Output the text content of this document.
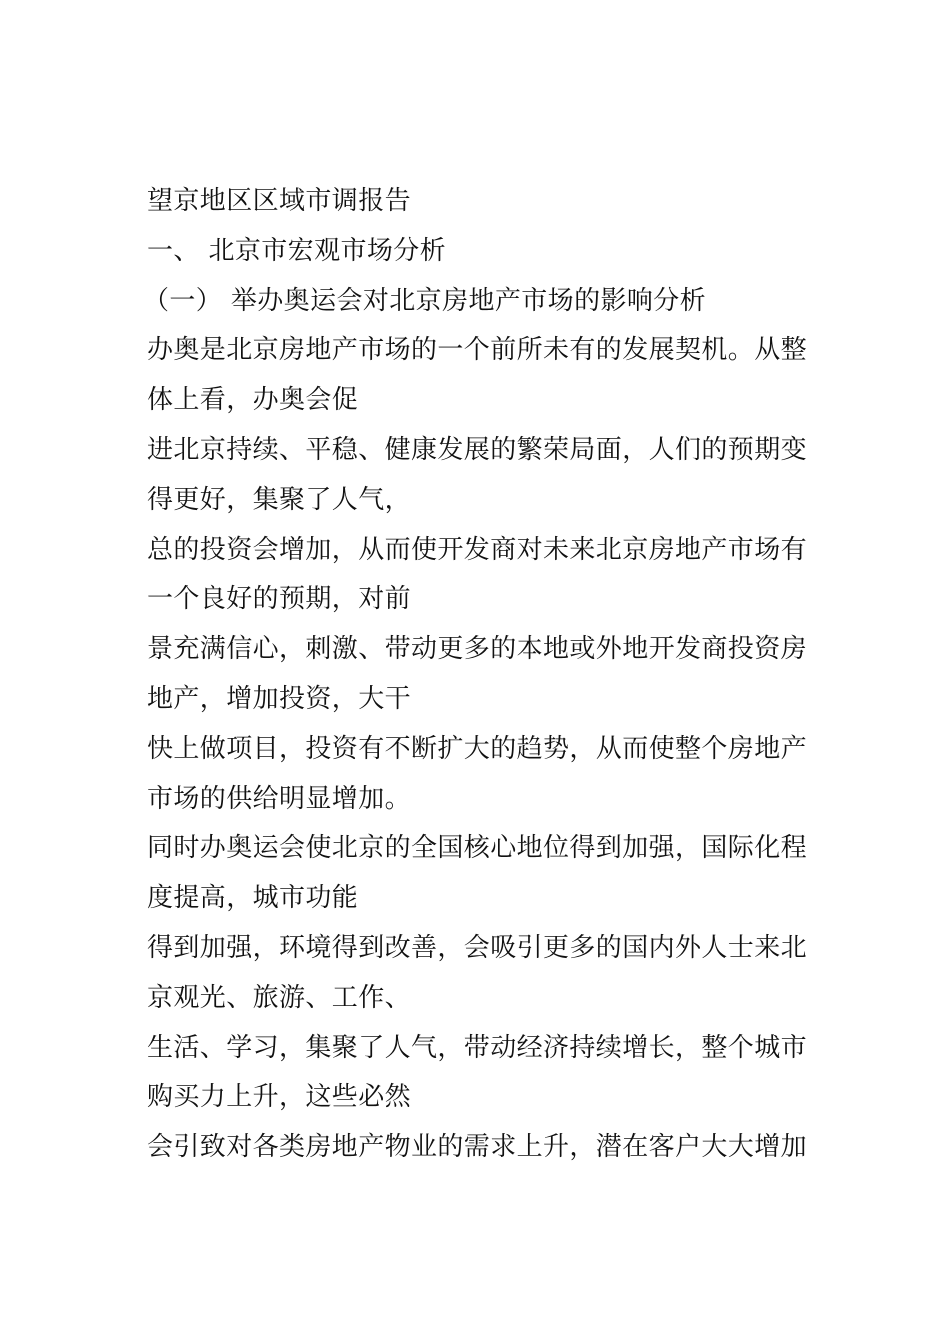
望京地区区域市调报告
一、 北京市宏观市场分析
（一） 举办奥运会对北京房地产市场的影响分析
办奥是北京房地产市场的一个前所未有的发展契机。从整
体上看，办奥会促
进北京持续、平稳、健康发展的繁荣局面，人们的预期变
得更好，集聚了人气，
总的投资会增加，从而使开发商对未来北京房地产市场有
一个良好的预期，对前
景充满信心，刺激、带动更多的本地或外地开发商投资房
地产，增加投资，大干
快上做项目，投资有不断扩大的趋势，从而使整个房地产
市场的供给明显增加。
同时办奥运会使北京的全国核心地位得到加强，国际化程
度提高，城市功能
得到加强，环境得到改善，会吸引更多的国内外人士来北
京观光、旅游、工作、
生活、学习，集聚了人气，带动经济持续增长，整个城市
购买力上升，这些必然
会引致对各类房地产物业的需求上升，潜在客户大大增加
